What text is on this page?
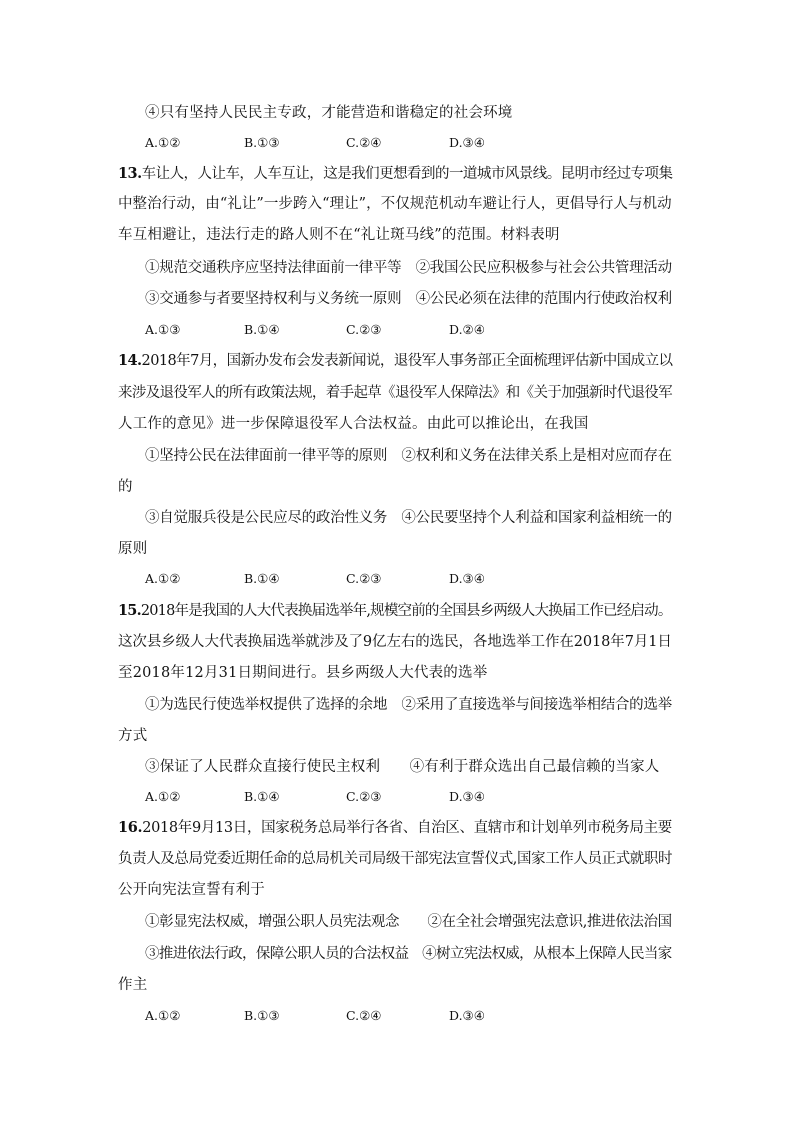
④只有坚持人民民主专政，才能营造和谐稳定的社会环境
A.①②	B.①③	C.②④	D.③④
13.车让人，人让车，人车互让，这是我们更想看到的一道城市风景线。昆明市经过专项集
中整治行动，由“礼让”一步跨入“理让”，不仅规范机动车避让行人，更倡导行人与机动
车互相避让，违法行走的路人则不在“礼让斑马线”的范围。材料表明
①规范交通秩序应坚持法律面前一律平等　②我国公民应积极参与社会公共管理活动
③交通参与者要坚持权利与义务统一原则　④公民必须在法律的范围内行使政治权利
A.①③	B.①④	C.②③	D.②④
14.2018年7月，国新办发布会发表新闻说，退役军人事务部正全面梳理评估新中国成立以
来涉及退役军人的所有政策法规，着手起草《退役军人保障法》和《关于加强新时代退役军
人工作的意见》进一步保障退役军人合法权益。由此可以推论出，在我国
①坚持公民在法律面前一律平等的原则　②权利和义务在法律关系上是相对应而存在
的
③自觉服兵役是公民应尽的政治性义务　④公民要坚持个人利益和国家利益相统一的
原则
A.①②	B.①④	C.②③	D.③④
15.2018年是我国的人大代表换届选举年,规模空前的全国县乡两级人大换届工作已经启动。
这次县乡级人大代表换届选举就涉及了9亿左右的选民，各地选举工作在2018年7月1日
至2018年12月31日期间进行。县乡两级人大代表的选举
①为选民行使选举权提供了选择的余地　②采用了直接选举与间接选举相结合的选举
方式
③保证了人民群众直接行使民主权利　　④有利于群众选出自己最信赖的当家人
A.①②	B.①④	C.②③	D.③④
16.2018年9月13日，国家税务总局举行各省、自治区、直辖市和计划单列市税务局主要
负责人及总局党委近期任命的总局机关司局级干部宪法宣誓仪式,国家工作人员正式就职时
公开向宪法宣誓有利于
①彰显宪法权威，增强公职人员宪法观念　　②在全社会增强宪法意识,推进依法治国
③推进依法行政，保障公职人员的合法权益　④树立宪法权威，从根本上保障人民当家
作主
A.①②	B.①③	C.②④	D.③④
